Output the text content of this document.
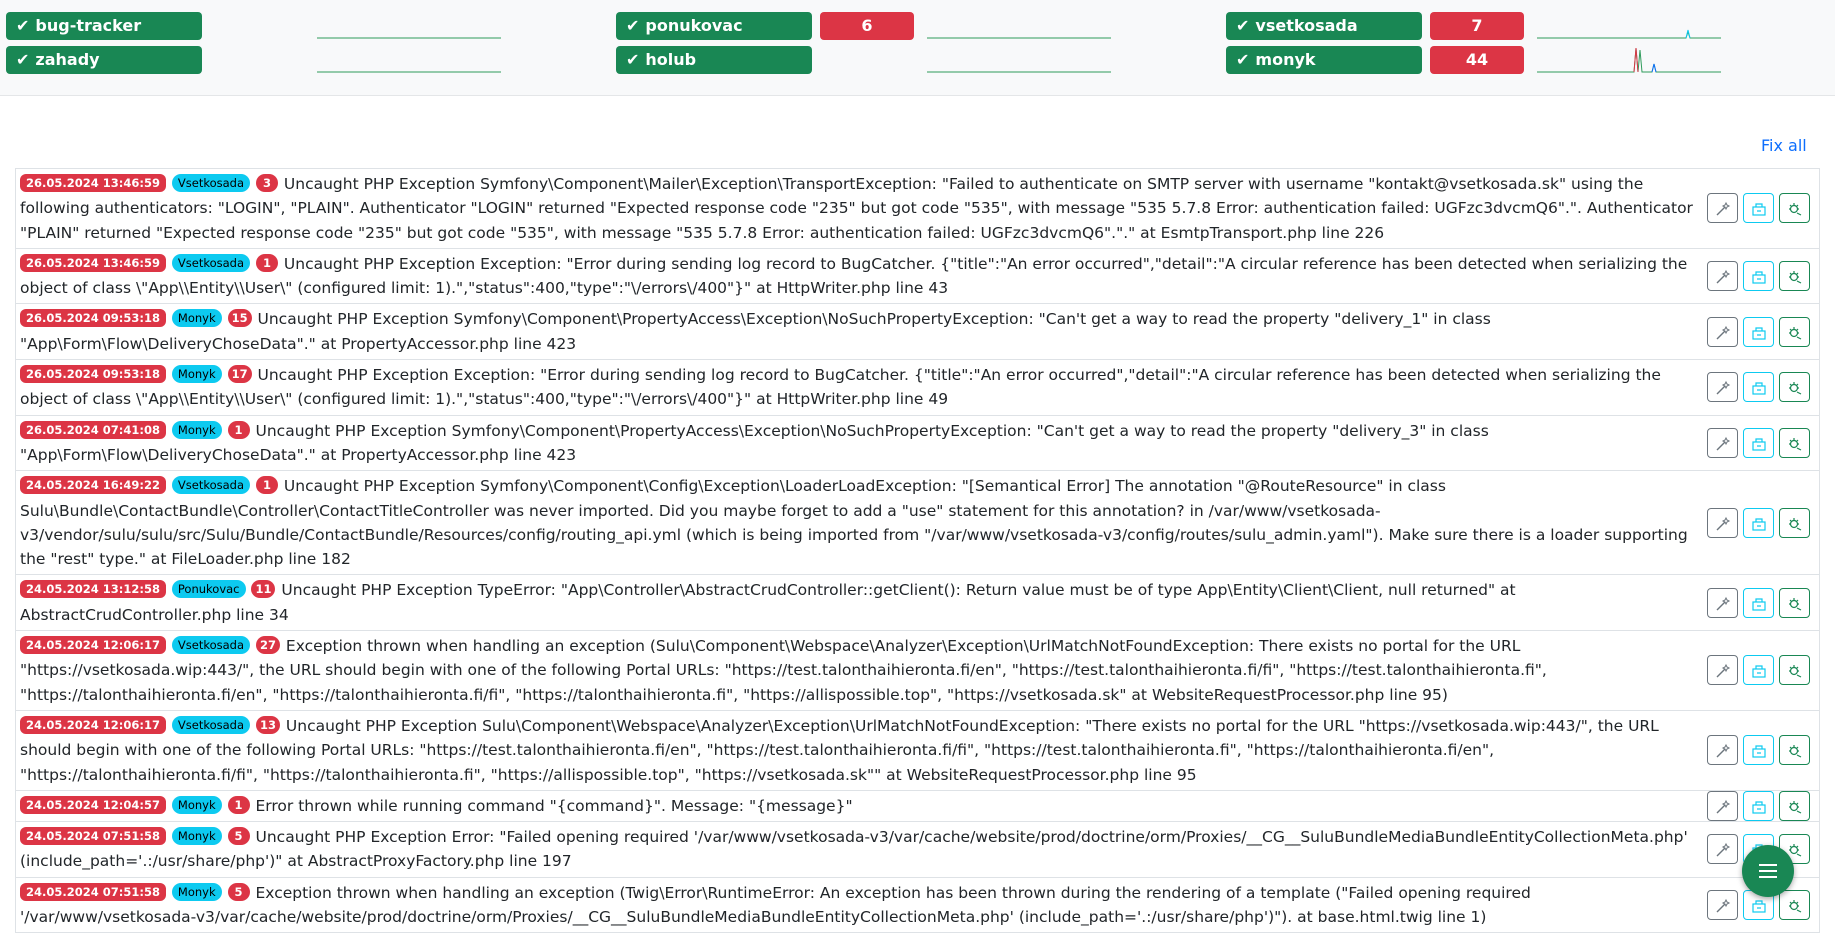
✔ bug-tracker
✔ zahady
✔ ponukovac	6
✔ holub
✔ vsetkosada	7
✔ monyk	44
Fix all
26.05.2024 13:46:59 Vsetkosada 3 Uncaught PHP Exception Symfony\Component\Mailer\Exception\TransportException: "Failed to authenticate on SMTP server with username "kontakt@vsetkosada.sk" using the following authenticators: "LOGIN", "PLAIN". Authenticator "LOGIN" returned "Expected response code "235" but got code "535", with message "535 5.7.8 Error: authentication failed: UGFzc3dvcmQ6".". Authenticator "PLAIN" returned "Expected response code "235" but got code "535", with message "535 5.7.8 Error: authentication failed: UGFzc3dvcmQ6"."." at EsmtpTransport.php line 226
26.05.2024 13:46:59 Vsetkosada 1 Uncaught PHP Exception Exception: "Error during sending log record to BugCatcher. {"title":"An error occurred","detail":"A circular reference has been detected when serializing the object of class \"App\\Entity\\User\" (configured limit: 1).","status":400,"type":"\/errors\/400"}" at HttpWriter.php line 43
26.05.2024 09:53:18 Monyk 15 Uncaught PHP Exception Symfony\Component\PropertyAccess\Exception\NoSuchPropertyException: "Can't get a way to read the property "delivery_1" in class "App\Form\Flow\DeliveryChoseData"." at PropertyAccessor.php line 423
26.05.2024 09:53:18 Monyk 17 Uncaught PHP Exception Exception: "Error during sending log record to BugCatcher. {"title":"An error occurred","detail":"A circular reference has been detected when serializing the object of class \"App\\Entity\\User\" (configured limit: 1).","status":400,"type":"\/errors\/400"}" at HttpWriter.php line 49
26.05.2024 07:41:08 Monyk 1 Uncaught PHP Exception Symfony\Component\PropertyAccess\Exception\NoSuchPropertyException: "Can't get a way to read the property "delivery_3" in class "App\Form\Flow\DeliveryChoseData"." at PropertyAccessor.php line 423
24.05.2024 16:49:22 Vsetkosada 1 Uncaught PHP Exception Symfony\Component\Config\Exception\LoaderLoadException: "[Semantical Error] The annotation "@RouteResource" in class Sulu\Bundle\ContactBundle\Controller\ContactTitleController was never imported. Did you maybe forget to add a "use" statement for this annotation? in /var/www/vsetkosada-v3/vendor/sulu/sulu/src/Sulu/Bundle/ContactBundle/Resources/config/routing_api.yml (which is being imported from "/var/www/vsetkosada-v3/config/routes/sulu_admin.yaml"). Make sure there is a loader supporting the "rest" type." at FileLoader.php line 182
24.05.2024 13:12:58 Ponukovac 11 Uncaught PHP Exception TypeError: "App\Controller\AbstractCrudController::getClient(): Return value must be of type App\Entity\Client\Client, null returned" at AbstractCrudController.php line 34
24.05.2024 12:06:17 Vsetkosada 27 Exception thrown when handling an exception (Sulu\Component\Webspace\Analyzer\Exception\UrlMatchNotFoundException: There exists no portal for the URL "https://vsetkosada.wip:443/", the URL should begin with one of the following Portal URLs: "https://test.talonthaihieronta.fi/en", "https://test.talonthaihieronta.fi/fi", "https://test.talonthaihieronta.fi", "https://talonthaihieronta.fi/en", "https://talonthaihieronta.fi/fi", "https://talonthaihieronta.fi", "https://allispossible.top", "https://vsetkosada.sk" at WebsiteRequestProcessor.php line 95)
24.05.2024 12:06:17 Vsetkosada 13 Uncaught PHP Exception Sulu\Component\Webspace\Analyzer\Exception\UrlMatchNotFoundException: "There exists no portal for the URL "https://vsetkosada.wip:443/", the URL should begin with one of the following Portal URLs: "https://test.talonthaihieronta.fi/en", "https://test.talonthaihieronta.fi/fi", "https://test.talonthaihieronta.fi", "https://talonthaihieronta.fi/en", "https://talonthaihieronta.fi/fi", "https://talonthaihieronta.fi", "https://allispossible.top", "https://vsetkosada.sk"" at WebsiteRequestProcessor.php line 95
24.05.2024 12:04:57 Monyk 1 Error thrown while running command "{command}". Message: "{message}"
24.05.2024 07:51:58 Monyk 5 Uncaught PHP Exception Error: "Failed opening required '/var/www/vsetkosada-v3/var/cache/website/prod/doctrine/orm/Proxies/__CG__SuluBundleMediaBundleEntityCollectionMeta.php' (include_path='.:/usr/share/php')" at AbstractProxyFactory.php line 197
24.05.2024 07:51:58 Monyk 5 Exception thrown when handling an exception (Twig\Error\RuntimeError: An exception has been thrown during the rendering of a template ("Failed opening required '/var/www/vsetkosada-v3/var/cache/website/prod/doctrine/orm/Proxies/__CG__SuluBundleMediaBundleEntityCollectionMeta.php' (include_path='.:/usr/share/php')"). at base.html.twig line 1)
